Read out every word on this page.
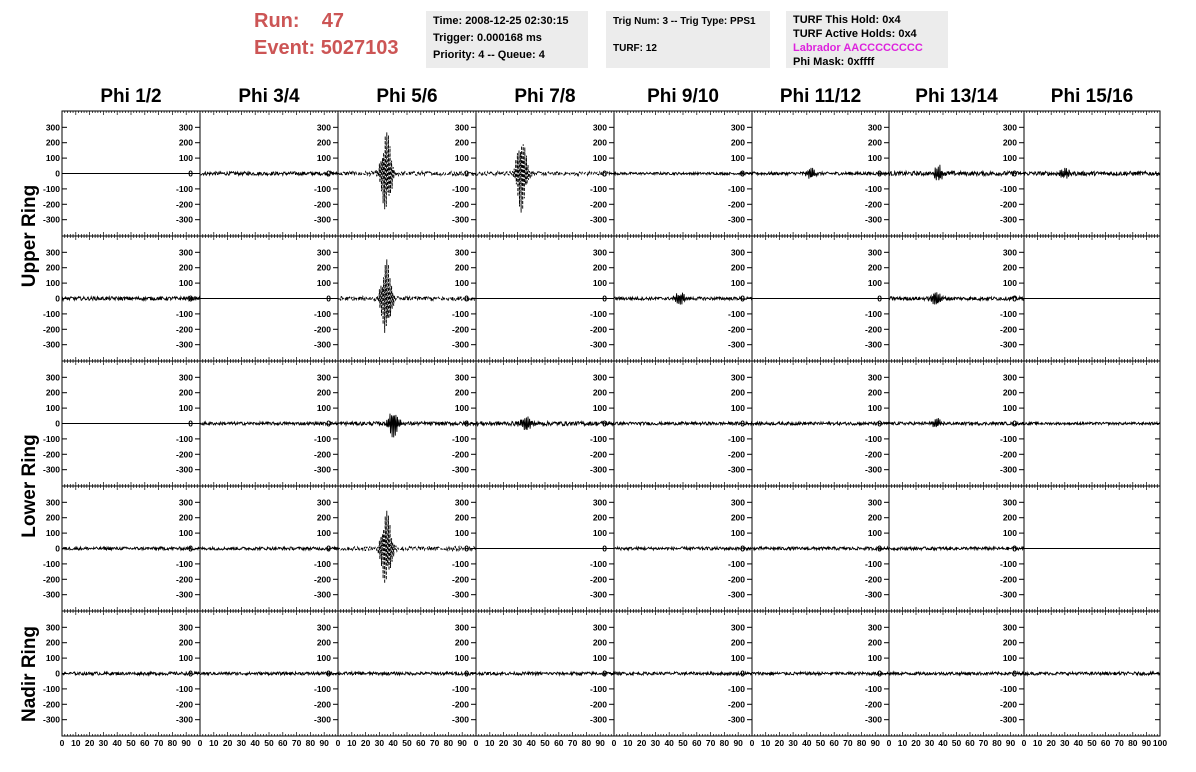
Run: 47
Event: 5027103
Time: 2008-12-25 02:30:15
Trigger: 0.000168 ms
Priority: 4 -- Queue: 4
Trig Num: 3 -- Trig Type: PPS1
TURF: 12
TURF This Hold: 0x4
TURF Active Holds: 0x4
Labrador AACCCCCCCC
Phi Mask: 0xffff
Phi 1/2	Phi 3/4	Phi 5/6	Phi 7/8	Phi 9/10	Phi 11/12	Phi 13/14	Phi 15/16
Upper Ring
Lower Ring
Nadir Ring
-300
-200
-100
0
100
200
300
-300
-200
-100
0
100
200
300
-300
-200
-100
0
100
200
300
-300
-200
-100
0
100
200
300
-300
-200
-100
0
100
200
300
-300
-200
-100
0
100
200
300
-300
-200
-100
0
100
200
300
-300
-200
-100
0
100
200
300
-300
-200
-100
0
100
200
300
-300
-200
-100
0
100
200
300
-300
-200
-100
0
100
200
300
-300
-200
-100
0
100
200
300
-300
-200
-100
0
100
200
300
-300
-200
-100
0
100
200
300
-300
-200
-100
0
100
200
300
-300
-200
-100
0
100
200
300
-300
-200
-100
0
100
200
300
-300
-200
-100
0
100
200
300
-300
-200
-100
0
100
200
300
-300
-200
-100
0
100
200
300
-300
-200
-100
0
100
200
300
-300
-200
-100
0
100
200
300
-300
-200
-100
0
100
200
300
-300
-200
-100
0
100
200
300
-300
-200
-100
0
100
200
300
-300
-200
-100
0
100
200
300
-300
-200
-100
0
100
200
300
-300
-200
-100
0
100
200
300
-300
-200
-100
0
100
200
300
-300
-200
-100
0
100
200
300
-300
-200
-100
0
100
200
300
-300
-200
-100
0
100
200
300
-300
-200
-100
0
100
200
300
-300
-200
-100
0
100
200
300
-300
-200
-100
0
100
200
300
-300
-200
-100
0
100
200
300
-300
-200
-100
0
100
200
300
-300
-200
-100
0
100
200
300
-300
-200
-100
0
100
200
300
-300
-200
-100
0
100
200
300
0 10 20 30 40 50 60 70 80 90 0 10 20 30 40 50 60 70 80 90 0 10 20 30 40 50 60 70 80 90 0 10 20 30 40 50 60 70 80 90 0 10 20 30 40 50 60 70 80 90 0 10 20 30 40 50 60 70 80 90 0 10 20 30 40 50 60 70 80 90 0 10 20 30 40 50 60 70 80 90 100
